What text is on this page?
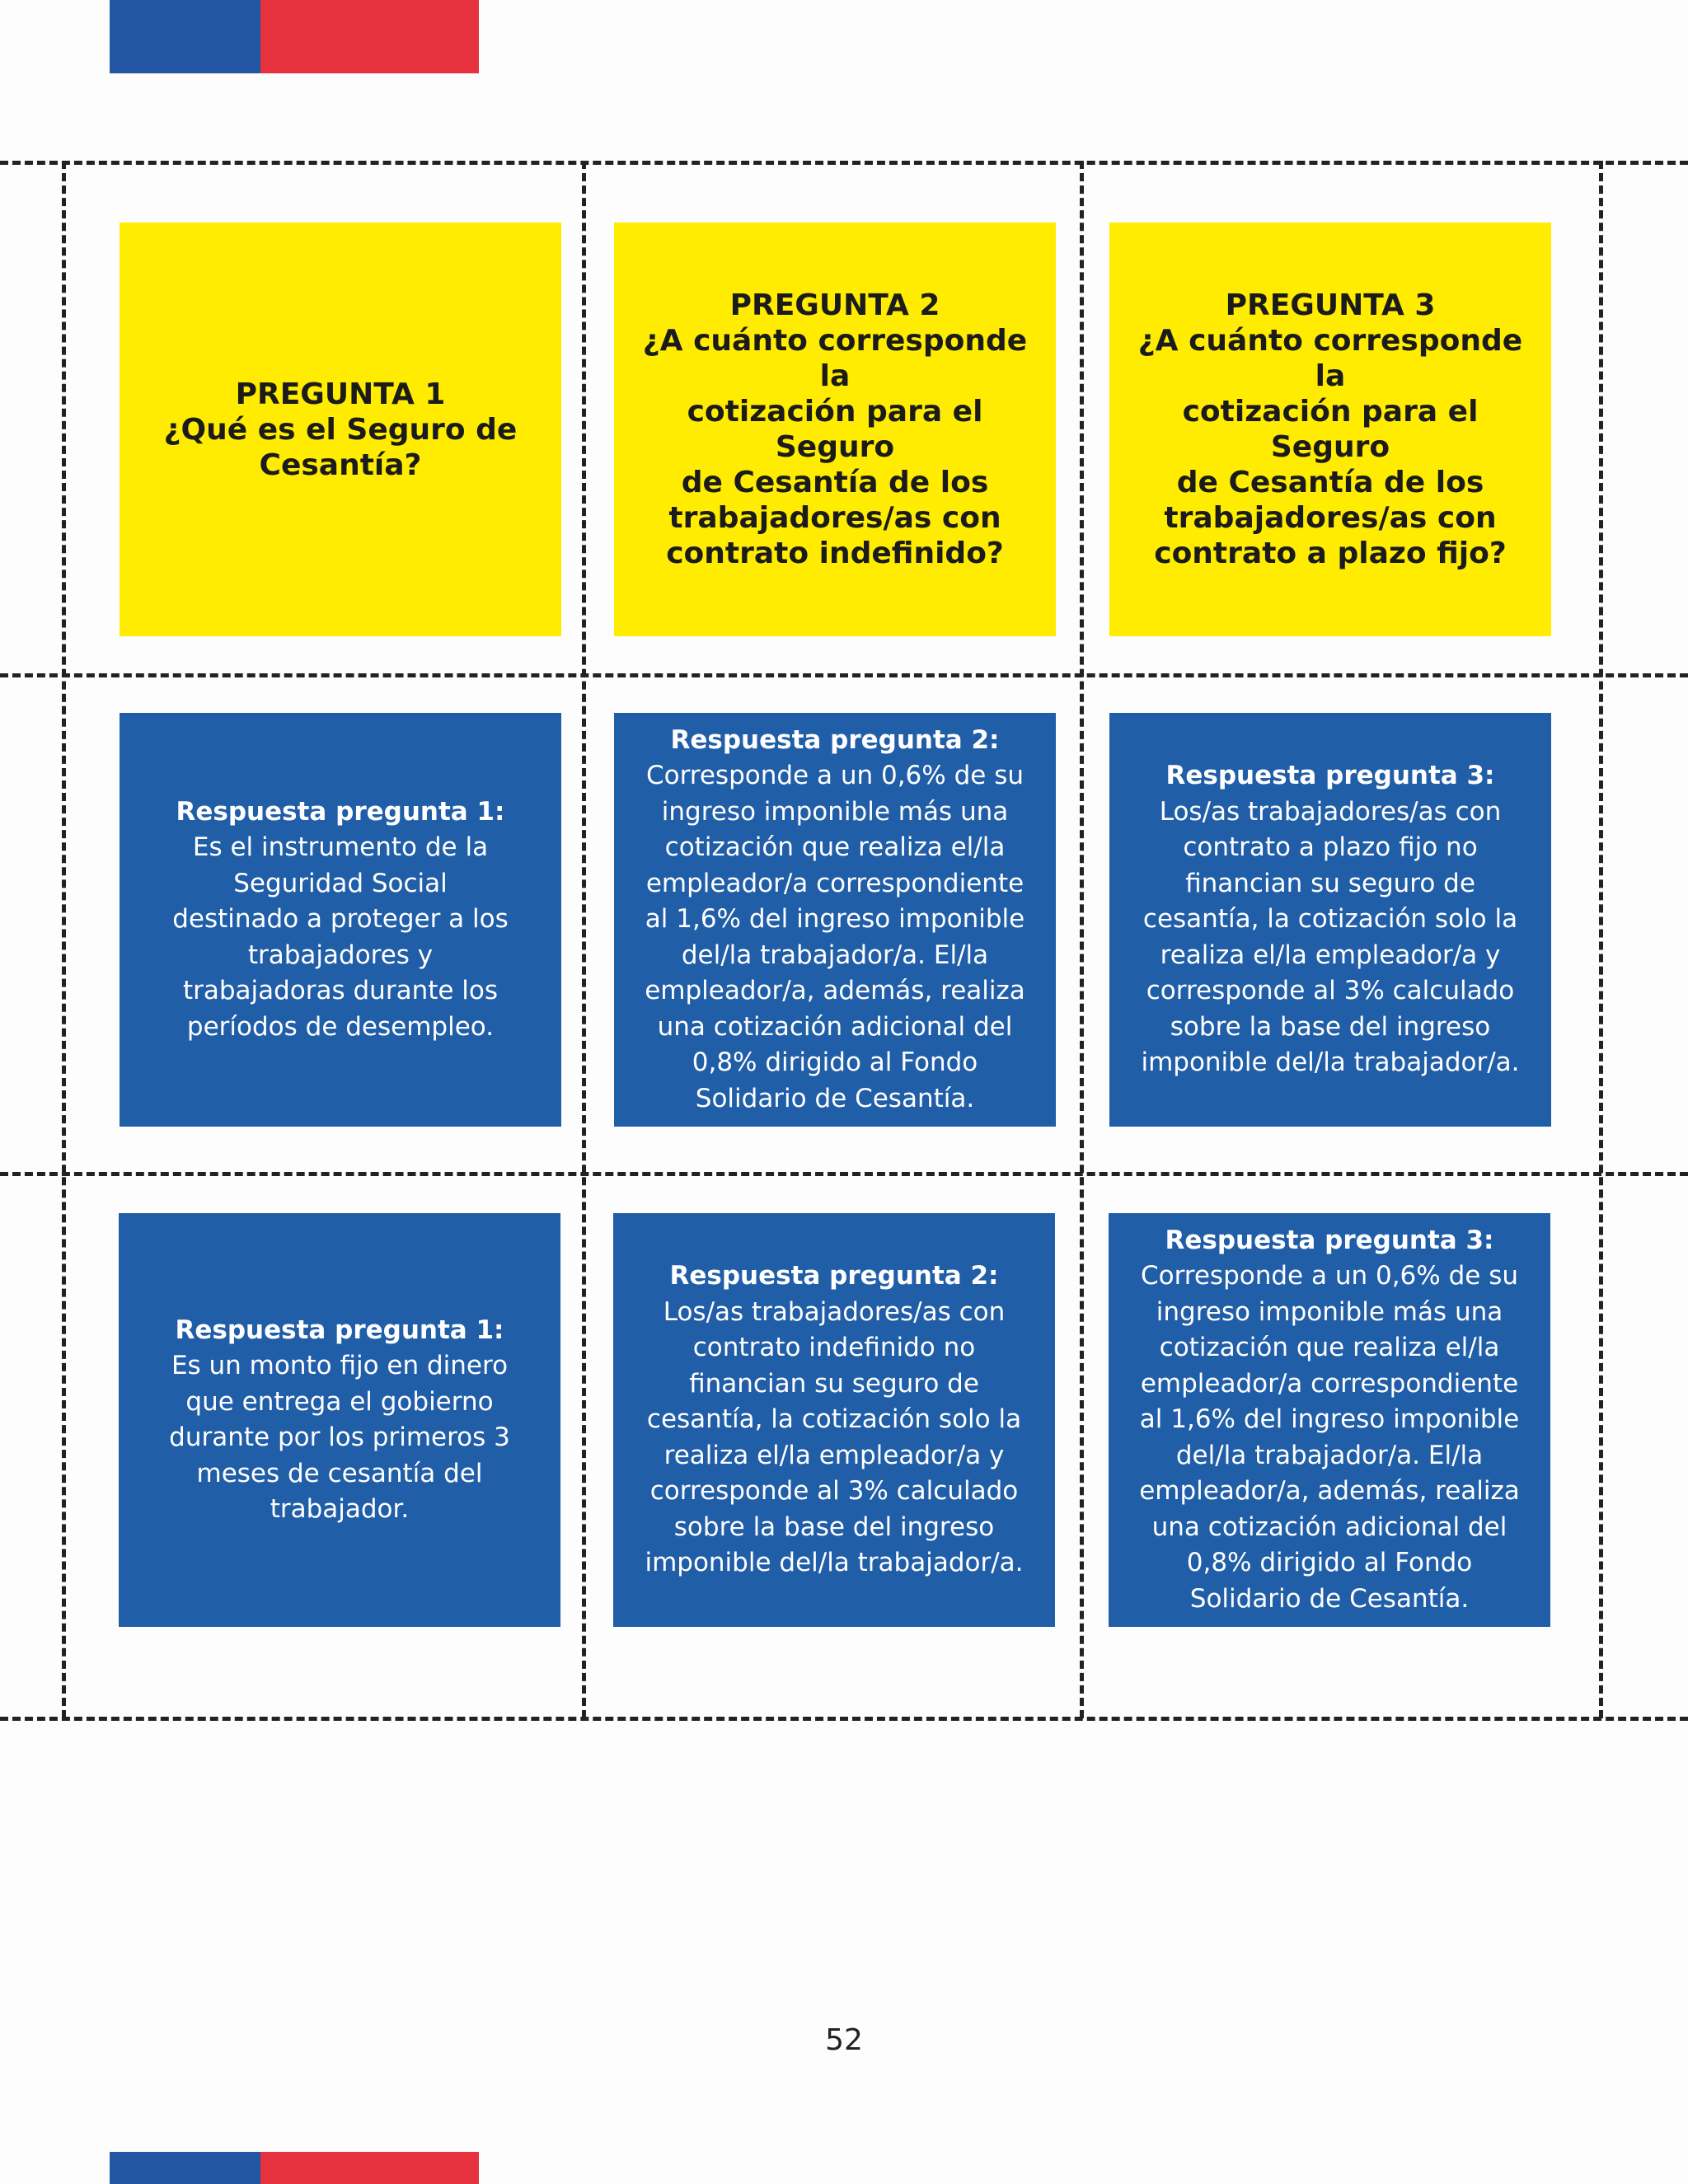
PREGUNTA 1
¿Qué es el Seguro de
Cesantía?
PREGUNTA 2
¿A cuánto corresponde la
cotización para el Seguro
de Cesantía de los
trabajadores/as con
contrato indefinido?
PREGUNTA 3
¿A cuánto corresponde la
cotización para el Seguro
de Cesantía de los
trabajadores/as con
contrato a plazo fijo?
Respuesta pregunta 1:
Es el instrumento de la
Seguridad Social
destinado a proteger a los
trabajadores y
trabajadoras durante los
períodos de desempleo.
Respuesta pregunta 2:
Corresponde a un 0,6% de su
ingreso imponible más una
cotización que realiza el/la
empleador/a correspondiente
al 1,6% del ingreso imponible
del/la trabajador/a. El/la
empleador/a, además, realiza
una cotización adicional del
0,8% dirigido al Fondo
Solidario de Cesantía.
Respuesta pregunta 3:
Los/as trabajadores/as con
contrato a plazo fijo no
financian su seguro de
cesantía, la cotización solo la
realiza el/la empleador/a y
corresponde al 3% calculado
sobre la base del ingreso
imponible del/la trabajador/a.
Respuesta pregunta 1:
Es un monto fijo en dinero
que entrega el gobierno
durante por los primeros 3
meses de cesantía del
trabajador.
Respuesta pregunta 2:
Los/as trabajadores/as con
contrato indefinido no
financian su seguro de
cesantía, la cotización solo la
realiza el/la empleador/a y
corresponde al 3% calculado
sobre la base del ingreso
imponible del/la trabajador/a.
Respuesta pregunta 3:
Corresponde a un 0,6% de su
ingreso imponible más una
cotización que realiza el/la
empleador/a correspondiente
al 1,6% del ingreso imponible
del/la trabajador/a. El/la
empleador/a, además, realiza
una cotización adicional del
0,8% dirigido al Fondo
Solidario de Cesantía.
52
